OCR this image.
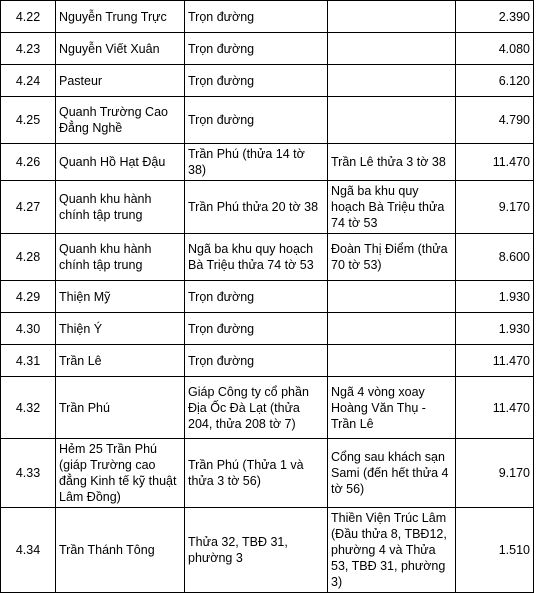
4.22	Nguyễn Trung Trực	Trọn đường		2.390
4.23	Nguyễn Viết Xuân	Trọn đường		4.080
4.24	Pasteur	Trọn đường		6.120
4.25	Quanh Trường Cao Đẳng Nghề	Trọn đường		4.790
4.26	Quanh Hồ Hạt Đậu	Trần Phú (thửa 14 tờ 38)	Trần Lê thửa 3 tờ 38	11.470
4.27	Quanh khu hành chính tập trung	Trần Phú thửa 20 tờ 38	Ngã ba khu quy hoạch Bà Triệu thửa 74 tờ 53	9.170
4.28	Quanh khu hành chính tập trung	Ngã ba khu quy hoạch Bà Triệu thửa 74 tờ 53	Đoàn Thị Điểm (thửa 70 tờ 53)	8.600
4.29	Thiện Mỹ	Trọn đường		1.930
4.30	Thiện Ý	Trọn đường		1.930
4.31	Trần Lê	Trọn đường		11.470
4.32	Trần Phú	Giáp Công ty cổ phần Địa Ốc Đà Lạt (thửa 204, thửa 208 tờ 7)	Ngã 4 vòng xoay Hoàng Văn Thụ - Trần Lê	11.470
4.33	Hẻm 25 Trần Phú (giáp Trường cao đẳng Kinh tế kỹ thuật Lâm Đồng)	Trần Phú (Thửa 1 và thửa 3 tờ 56)	Cổng sau khách sạn Sami (đến hết thửa 4 tờ 56)	9.170
4.34	Trần Thánh Tông	Thửa 32, TBĐ 31, phường 3	Thiền Viện Trúc Lâm (Đầu thửa 8, TBĐ12, phường 4 và Thửa 53, TBĐ 31, phường 3)	1.510
